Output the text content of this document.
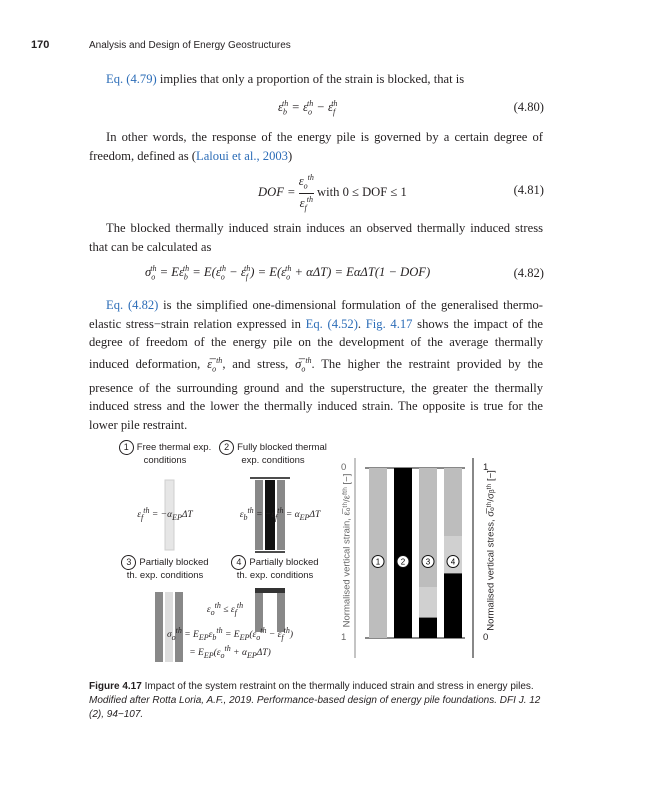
170	Analysis and Design of Energy Geostructures

Eq. (4.79) implies that only a proportion of the strain is blocked, that is

$\varepsilon_b^{th} = \varepsilon_o^{th} - \varepsilon_f^{th}$	(4.80)

In other words, the response of the energy pile is governed by a certain degree of freedom, defined as (Laloui et al., 2003)

DOF = $\frac{\varepsilon_o^{th}}{\varepsilon_f^{th}}$ with 0 ≤ DOF ≤ 1	(4.81)

The blocked thermally induced strain induces an observed thermally induced stress that can be calculated as

$\sigma_o^{th} = E\varepsilon_b^{th} = E(\varepsilon_o^{th} - \varepsilon_f^{th}) = E(\varepsilon_o^{th} + \alpha\Delta T) = E\alpha\Delta T(1 - DOF)$	(4.82)

Eq. (4.82) is the simplified one-dimensional formulation of the generalised thermo-elastic stress−strain relation expressed in Eq. (4.52). Fig. 4.17 shows the impact of the degree of freedom of the energy pile on the development of the average thermally induced deformation, $\varepsilon̅_o^{th}$, and stress, $\sigma̅_o^{th}$. The higher the restraint provided by the presence of the surrounding ground and the superstructure, the greater the thermally induced stress and the lower the thermally induced strain. The opposite is true for the lower pile restraint.

1 Free thermal exp. conditions
2 Fully blocked thermal exp. conditions
3 Partially blocked th. exp. conditions
4 Partially blocked th. exp. conditions
$\varepsilon_f^{th} = -\alpha_{EP}\Delta T$	$\varepsilon_b^{th} = -\varepsilon_f^{th} = \alpha_{EP}\Delta T$
$\varepsilon_o^{th} \le \varepsilon_f^{th}$
$\sigma_o^{th} = E_{EP}\varepsilon_b^{th} = E_{EP}(\varepsilon_o^{th} - \varepsilon_f^{th})$
= $E_{EP}(\varepsilon_o^{th} + \alpha_{EP}\Delta T)$
Normalised vertical strain, ε̅ₒᵗʰ/εᶠᵗʰ [−]	Normalised vertical stress, σ̅ₒᵗʰ/σᵦᵗʰ [−]
0
1
1
0
1	2	3	4

Figure 4.17 Impact of the system restraint on the thermally induced strain and stress in energy piles. Modified after Rotta Loria, A.F., 2019. Performance-based design of energy pile foundations. DFI J. 12 (2), 94−107.
